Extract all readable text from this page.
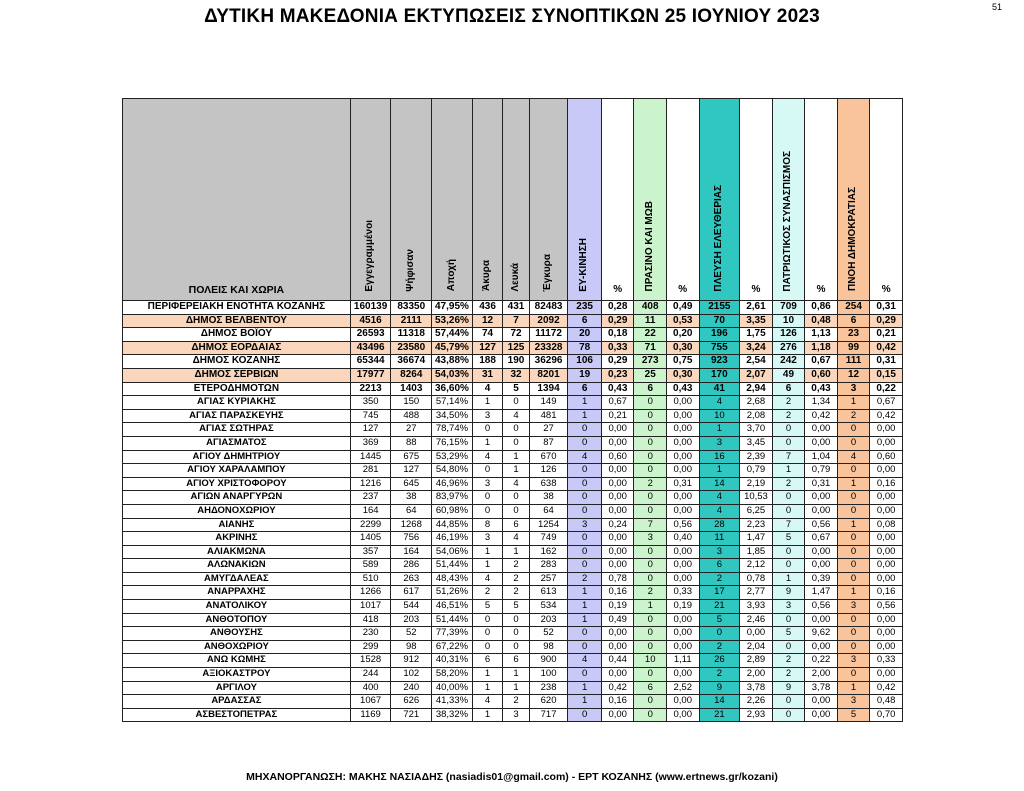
51
ΔΥΤΙΚΗ ΜΑΚΕΔΟΝΙΑ ΕΚΤΥΠΩΣΕΙΣ ΣΥΝΟΠΤΙΚΩΝ 25 ΙΟΥΝΙΟΥ 2023
ΠΟΛΕΙΣ ΚΑΙ ΧΩΡΙΑ	Εγγεγραμμένοι	Ψήφισαν	Αποχή	Άκυρα	Λευκά	Έγκυρα	ΕΥ-ΚΙΝΗΣΗ	%	ΠΡΑΣΙΝΟ ΚΑΙ ΜΩΒ	%	ΠΛΕΥΣΗ ΕΛΕΥΘΕΡΙΑΣ	%	ΠΑΤΡΙΩΤΙΚΟΣ ΣΥΝΑΣΠΙΣΜΟΣ	%	ΠΝΟΗ ΔΗΜΟΚΡΑΤΙΑΣ	%
ΠΕΡΙΦΕΡΕΙΑΚΗ ΕΝΟΤΗΤΑ ΚΟΖΑΝΗΣ	160139	83350	47,95%	436	431	82483	235	0,28	408	0,49	2155	2,61	709	0,86	254	0,31
ΔΗΜΟΣ ΒΕΛΒΕΝΤΟΥ	4516	2111	53,26%	12	7	2092	6	0,29	11	0,53	70	3,35	10	0,48	6	0,29
ΔΗΜΟΣ ΒΟΪΟΥ	26593	11318	57,44%	74	72	11172	20	0,18	22	0,20	196	1,75	126	1,13	23	0,21
ΔΗΜΟΣ ΕΟΡΔΑΙΑΣ	43496	23580	45,79%	127	125	23328	78	0,33	71	0,30	755	3,24	276	1,18	99	0,42
ΔΗΜΟΣ ΚΟΖΑΝΗΣ	65344	36674	43,88%	188	190	36296	106	0,29	273	0,75	923	2,54	242	0,67	111	0,31
ΔΗΜΟΣ ΣΕΡΒΙΩΝ	17977	8264	54,03%	31	32	8201	19	0,23	25	0,30	170	2,07	49	0,60	12	0,15
ΕΤΕΡΟΔΗΜΟΤΩΝ	2213	1403	36,60%	4	5	1394	6	0,43	6	0,43	41	2,94	6	0,43	3	0,22
ΑΓΙΑΣ ΚΥΡΙΑΚΗΣ	350	150	57,14%	1	0	149	1	0,67	0	0,00	4	2,68	2	1,34	1	0,67
ΑΓΙΑΣ ΠΑΡΑΣΚΕΥΗΣ	745	488	34,50%	3	4	481	1	0,21	0	0,00	10	2,08	2	0,42	2	0,42
ΑΓΙΑΣ ΣΩΤΗΡΑΣ	127	27	78,74%	0	0	27	0	0,00	0	0,00	1	3,70	0	0,00	0	0,00
ΑΓΙΑΣΜΑΤΟΣ	369	88	76,15%	1	0	87	0	0,00	0	0,00	3	3,45	0	0,00	0	0,00
ΑΓΙΟΥ ΔΗΜΗΤΡΙΟΥ	1445	675	53,29%	4	1	670	4	0,60	0	0,00	16	2,39	7	1,04	4	0,60
ΑΓΙΟΥ ΧΑΡΑΛΑΜΠΟΥ	281	127	54,80%	0	1	126	0	0,00	0	0,00	1	0,79	1	0,79	0	0,00
ΑΓΙΟΥ ΧΡΙΣΤΟΦΟΡΟΥ	1216	645	46,96%	3	4	638	0	0,00	2	0,31	14	2,19	2	0,31	1	0,16
ΑΓΙΩΝ ΑΝΑΡΓΥΡΩΝ	237	38	83,97%	0	0	38	0	0,00	0	0,00	4	10,53	0	0,00	0	0,00
ΑΗΔΟΝΟΧΩΡΙΟΥ	164	64	60,98%	0	0	64	0	0,00	0	0,00	4	6,25	0	0,00	0	0,00
ΑΙΑΝΗΣ	2299	1268	44,85%	8	6	1254	3	0,24	7	0,56	28	2,23	7	0,56	1	0,08
ΑΚΡΙΝΗΣ	1405	756	46,19%	3	4	749	0	0,00	3	0,40	11	1,47	5	0,67	0	0,00
ΑΛΙΑΚΜΩΝΑ	357	164	54,06%	1	1	162	0	0,00	0	0,00	3	1,85	0	0,00	0	0,00
ΑΛΩΝΑΚΙΩΝ	589	286	51,44%	1	2	283	0	0,00	0	0,00	6	2,12	0	0,00	0	0,00
ΑΜΥΓΔΑΛΕΑΣ	510	263	48,43%	4	2	257	2	0,78	0	0,00	2	0,78	1	0,39	0	0,00
ΑΝΑΡΡΑΧΗΣ	1266	617	51,26%	2	2	613	1	0,16	2	0,33	17	2,77	9	1,47	1	0,16
ΑΝΑΤΟΛΙΚΟΥ	1017	544	46,51%	5	5	534	1	0,19	1	0,19	21	3,93	3	0,56	3	0,56
ΑΝΘΟΤΟΠΟΥ	418	203	51,44%	0	0	203	1	0,49	0	0,00	5	2,46	0	0,00	0	0,00
ΑΝΘΟΥΣΗΣ	230	52	77,39%	0	0	52	0	0,00	0	0,00	0	0,00	5	9,62	0	0,00
ΑΝΘΟΧΩΡΙΟΥ	299	98	67,22%	0	0	98	0	0,00	0	0,00	2	2,04	0	0,00	0	0,00
ΑΝΩ ΚΩΜΗΣ	1528	912	40,31%	6	6	900	4	0,44	10	1,11	26	2,89	2	0,22	3	0,33
ΑΞΙΟΚΑΣΤΡΟΥ	244	102	58,20%	1	1	100	0	0,00	0	0,00	2	2,00	2	2,00	0	0,00
ΑΡΓΙΛΟΥ	400	240	40,00%	1	1	238	1	0,42	6	2,52	9	3,78	9	3,78	1	0,42
ΑΡΔΑΣΣΑΣ	1067	626	41,33%	4	2	620	1	0,16	0	0,00	14	2,26	0	0,00	3	0,48
ΑΣΒΕΣΤΟΠΕΤΡΑΣ	1169	721	38,32%	1	3	717	0	0,00	0	0,00	21	2,93	0	0,00	5	0,70
ΜΗΧΑΝΟΡΓΑΝΩΣΗ: ΜΑΚΗΣ ΝΑΣΙΑΔΗΣ (nasiadis01@gmail.com) - ΕΡΤ ΚΟΖΑΝΗΣ (www.ertnews.gr/kozani)
